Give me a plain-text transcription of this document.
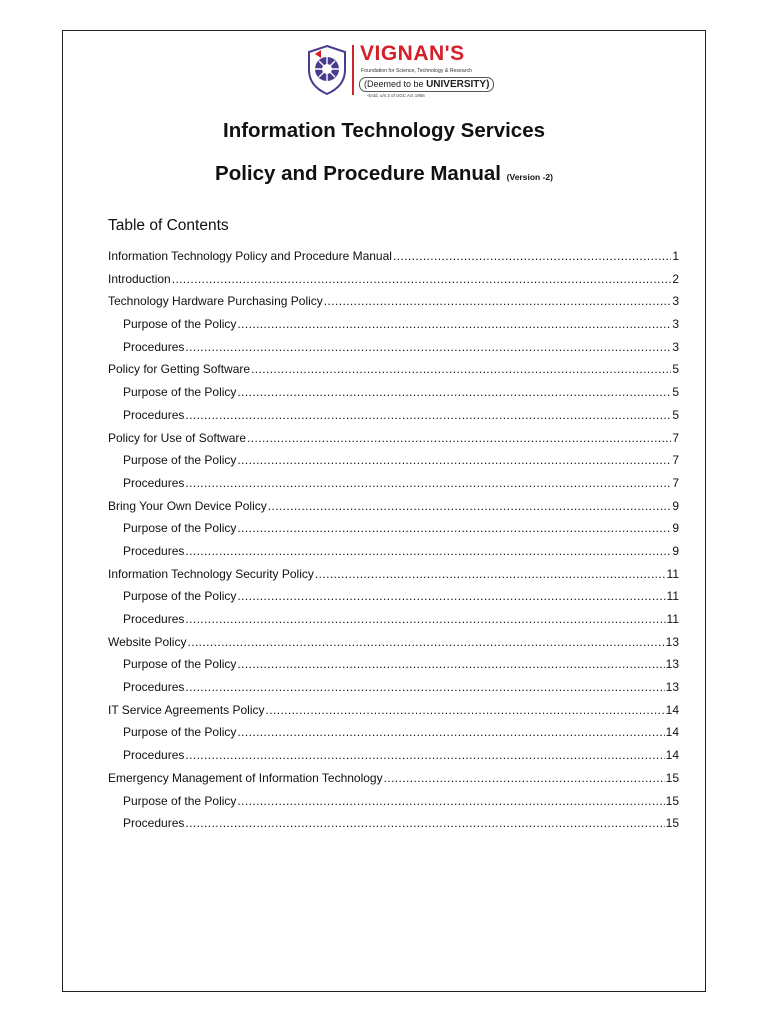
VIGNAN'S
Foundation for Science, Technology & Research
(Deemed to be UNIVERSITY)
-Estd. u/s 3 of UGC Act 1956
Information Technology Services
Policy and Procedure Manual (Version -2)
Table of Contents
Information Technology Policy and Procedure Manual .....	1
Introduction .....	2
Technology Hardware Purchasing Policy .....	3
Purpose of the Policy .....	3
Procedures .....	3
Policy for Getting Software .....	5
Purpose of the Policy .....	5
Procedures .....	5
Policy for Use of Software .....	7
Purpose of the Policy .....	7
Procedures .....	7
Bring Your Own Device Policy .....	9
Purpose of the Policy .....	9
Procedures .....	9
Information Technology Security Policy .....	11
Purpose of the Policy .....	11
Procedures .....	11
Website Policy .....	13
Purpose of the Policy .....	13
Procedures .....	13
IT Service Agreements Policy .....	14
Purpose of the Policy .....	14
Procedures .....	14
Emergency Management of Information Technology .....	15
Purpose of the Policy .....	15
Procedures .....	15
